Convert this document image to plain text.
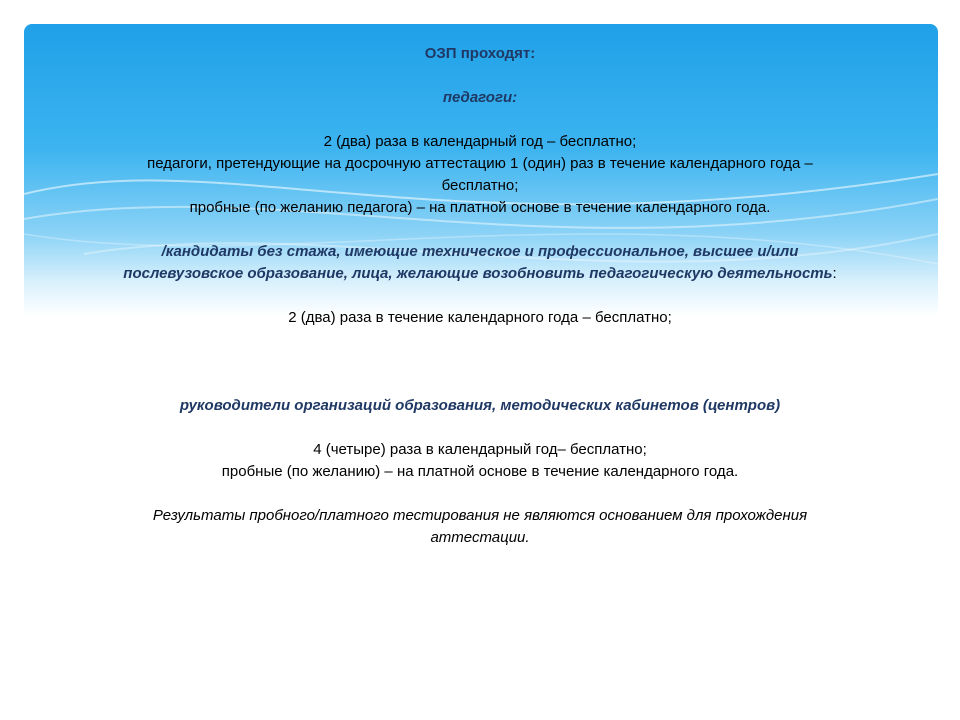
ОЗП проходят:
педагоги:
2 (два) раза в календарный год – бесплатно;
педагоги, претендующие на досрочную аттестацию 1 (один) раз в течение календарного года –
бесплатно;
пробные (по желанию педагога) – на платной основе в течение календарного года.
/кандидаты без стажа, имеющие техническое и профессиональное, высшее и/или
послевузовское образование, лица, желающие возобновить педагогическую деятельность:
2 (два) раза в течение календарного года – бесплатно;
руководители организаций образования, методических кабинетов (центров)
4 (четыре) раза в календарный год– бесплатно;
пробные (по желанию) – на платной основе в течение календарного года.
Результаты пробного/платного тестирования не являются основанием для прохождения
аттестации.
